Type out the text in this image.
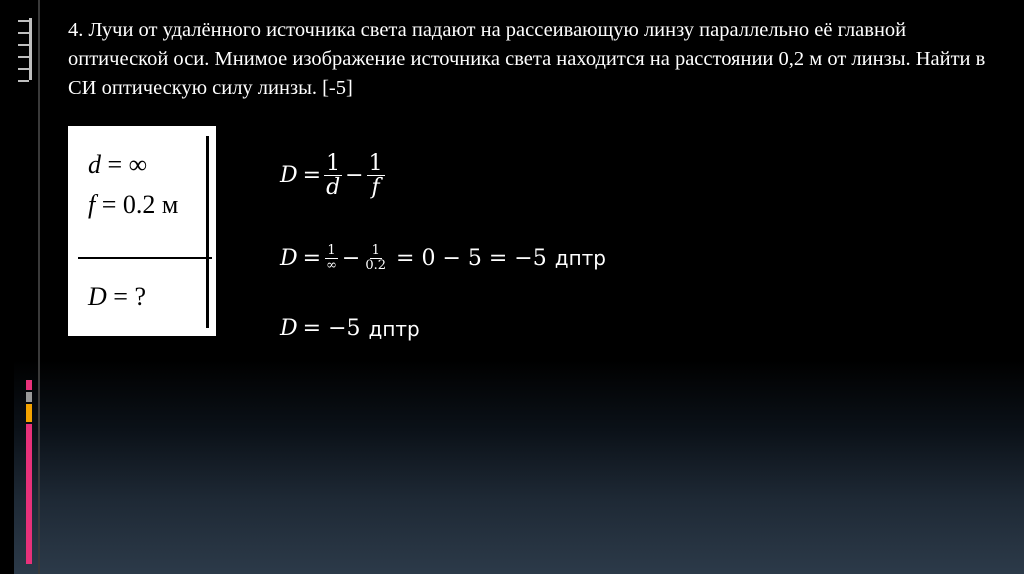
4. Лучи от удалённого источника света падают на рассеивающую линзу параллельно её главной оптической оси. Мнимое изображение источника света находится на расстоянии 0,2 м от линзы. Найти в СИ оптическую силу линзы. [-5]

d = ∞
f = 0.2 м
D = ?
$D = \frac{1}{d} - \frac{1}{f}$
$D = \frac{1}{\infty} - \frac{1}{0.2} = 0 - 5 = -5$ дптр
D = −5 дптр
